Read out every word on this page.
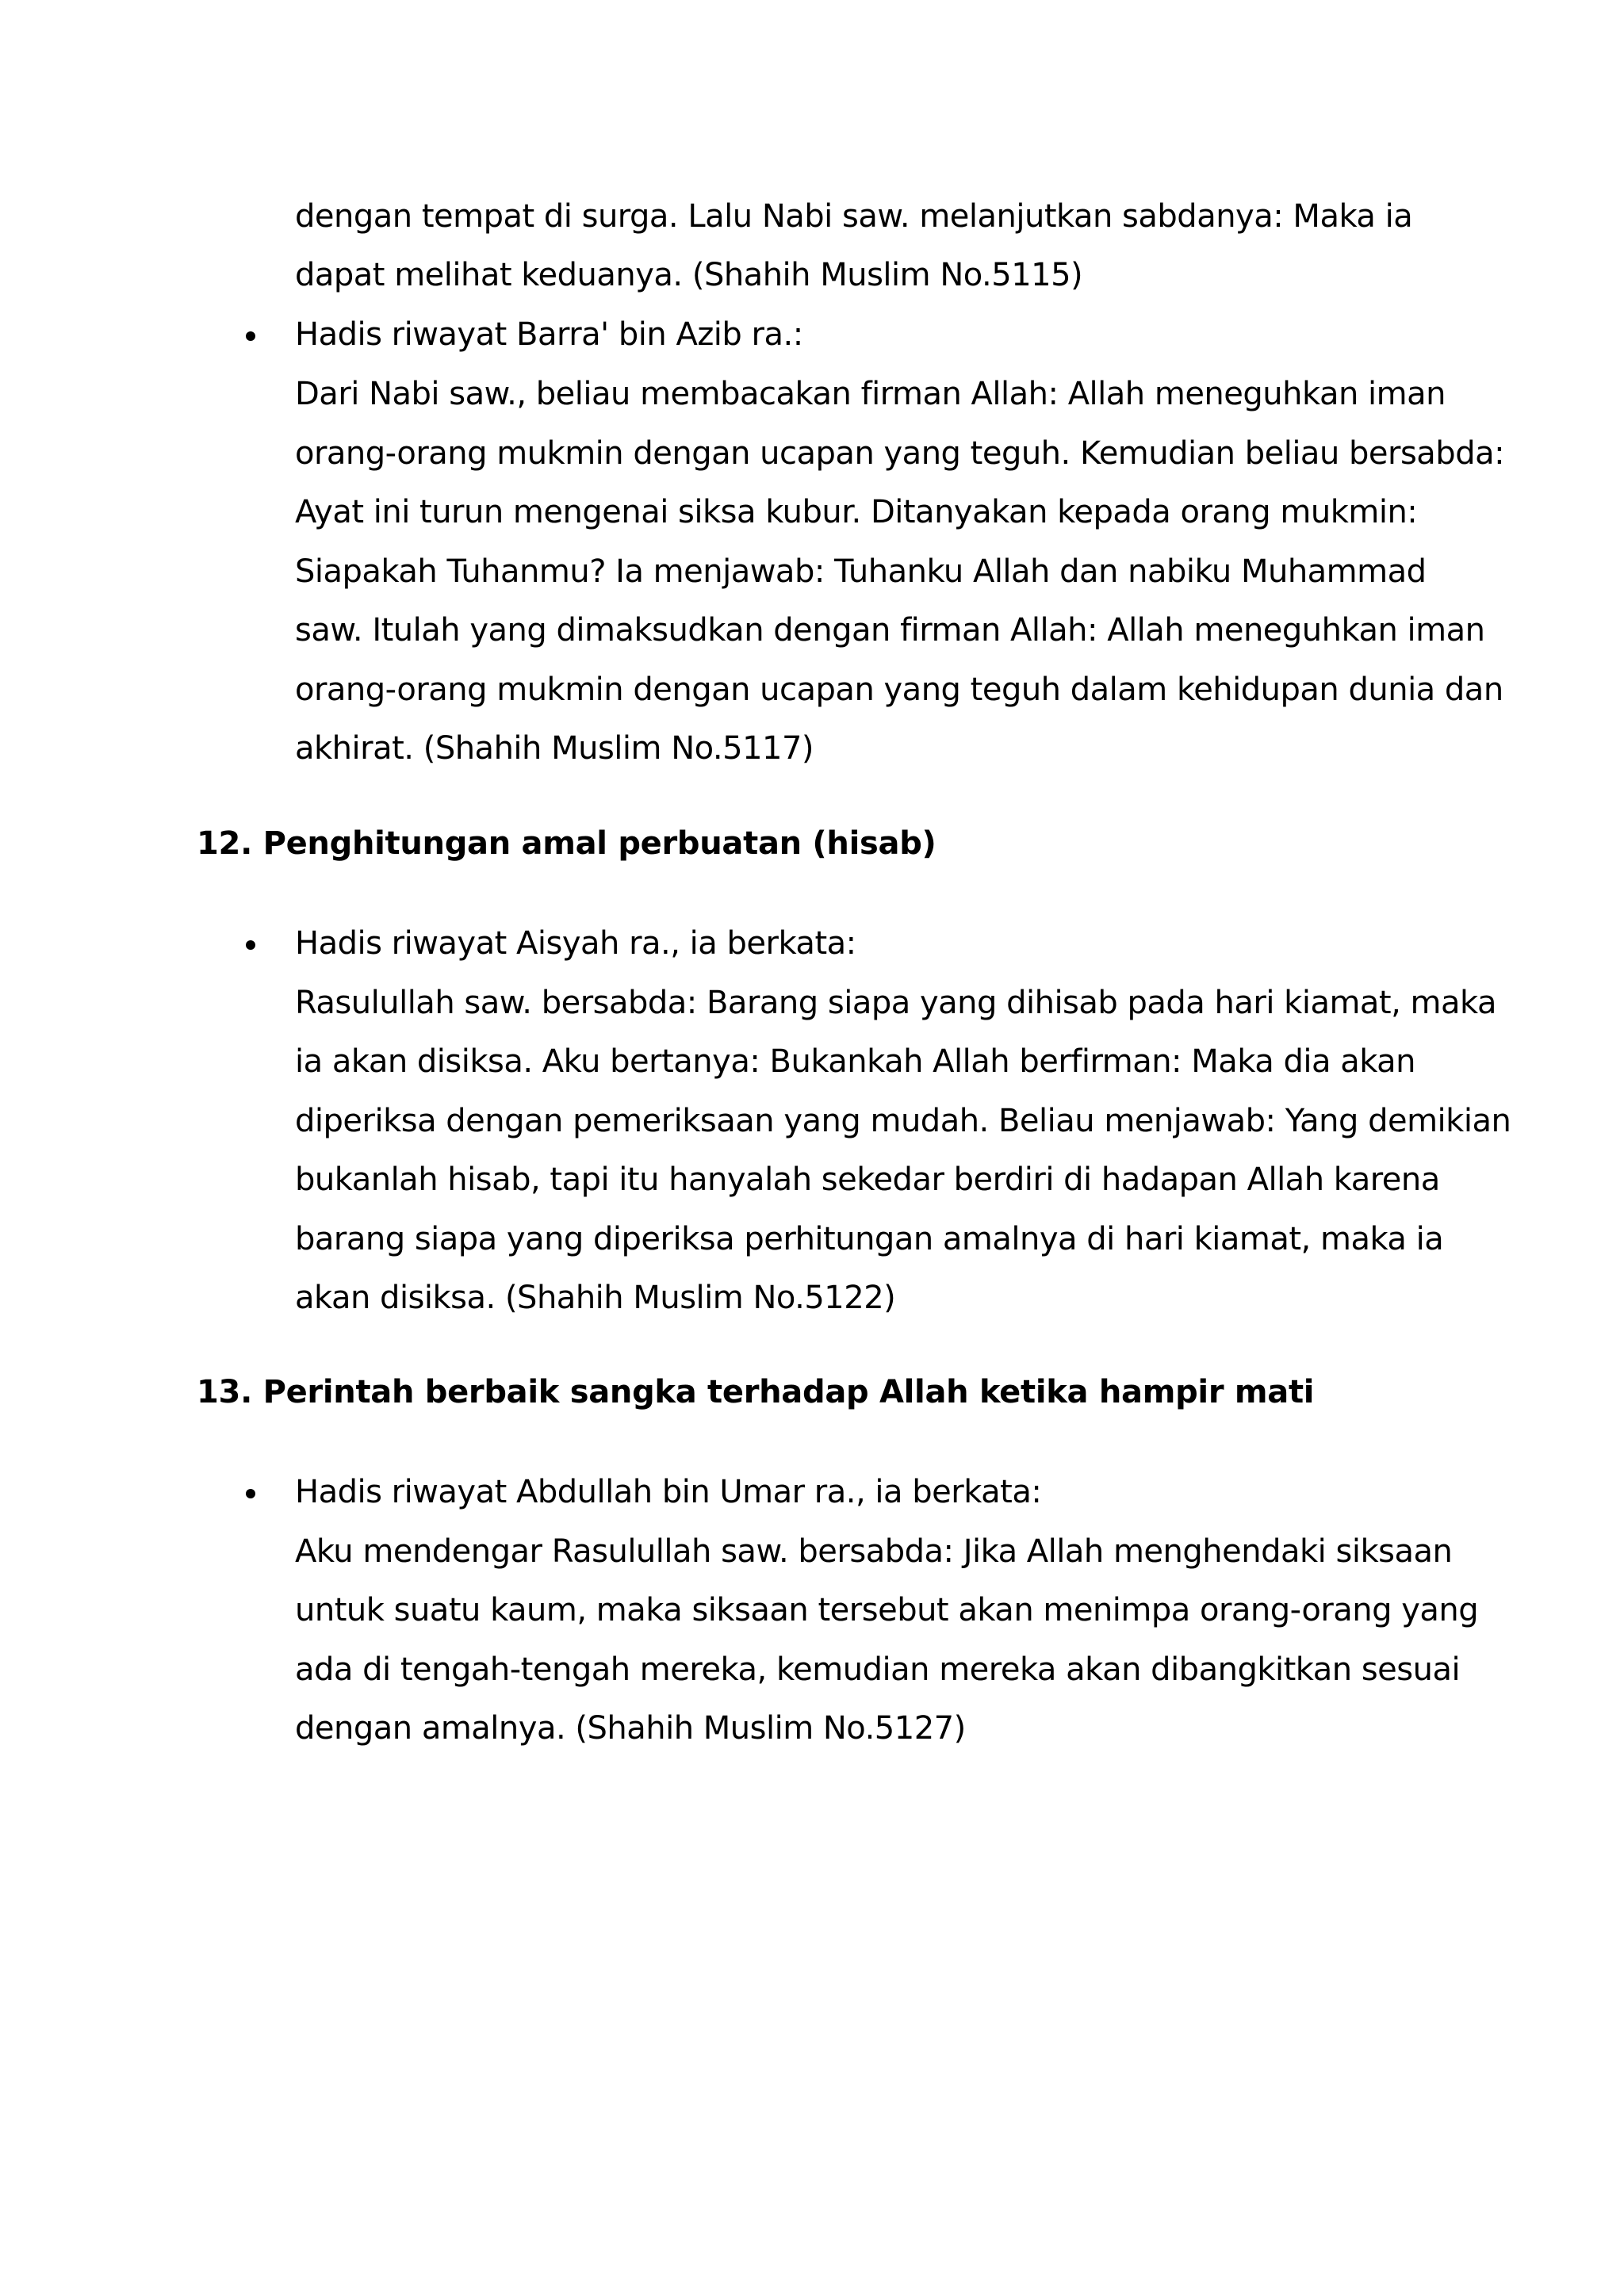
dengan tempat di surga. Lalu Nabi saw. melanjutkan sabdanya: Maka ia
dapat melihat keduanya. (Shahih Muslim No.5115)
Hadis riwayat Barra' bin Azib ra.:
Dari Nabi saw., beliau membacakan firman Allah: Allah meneguhkan iman
orang-orang mukmin dengan ucapan yang teguh. Kemudian beliau bersabda:
Ayat ini turun mengenai siksa kubur. Ditanyakan kepada orang mukmin:
Siapakah Tuhanmu? Ia menjawab: Tuhanku Allah dan nabiku Muhammad
saw. Itulah yang dimaksudkan dengan firman Allah: Allah meneguhkan iman
orang-orang mukmin dengan ucapan yang teguh dalam kehidupan dunia dan
akhirat. (Shahih Muslim No.5117)
12. Penghitungan amal perbuatan (hisab)
Hadis riwayat Aisyah ra., ia berkata:
Rasulullah saw. bersabda: Barang siapa yang dihisab pada hari kiamat, maka
ia akan disiksa. Aku bertanya: Bukankah Allah berfirman: Maka dia akan
diperiksa dengan pemeriksaan yang mudah. Beliau menjawab: Yang demikian
bukanlah hisab, tapi itu hanyalah sekedar berdiri di hadapan Allah karena
barang siapa yang diperiksa perhitungan amalnya di hari kiamat, maka ia
akan disiksa. (Shahih Muslim No.5122)
13. Perintah berbaik sangka terhadap Allah ketika hampir mati
Hadis riwayat Abdullah bin Umar ra., ia berkata:
Aku mendengar Rasulullah saw. bersabda: Jika Allah menghendaki siksaan
untuk suatu kaum, maka siksaan tersebut akan menimpa orang-orang yang
ada di tengah-tengah mereka, kemudian mereka akan dibangkitkan sesuai
dengan amalnya. (Shahih Muslim No.5127)
